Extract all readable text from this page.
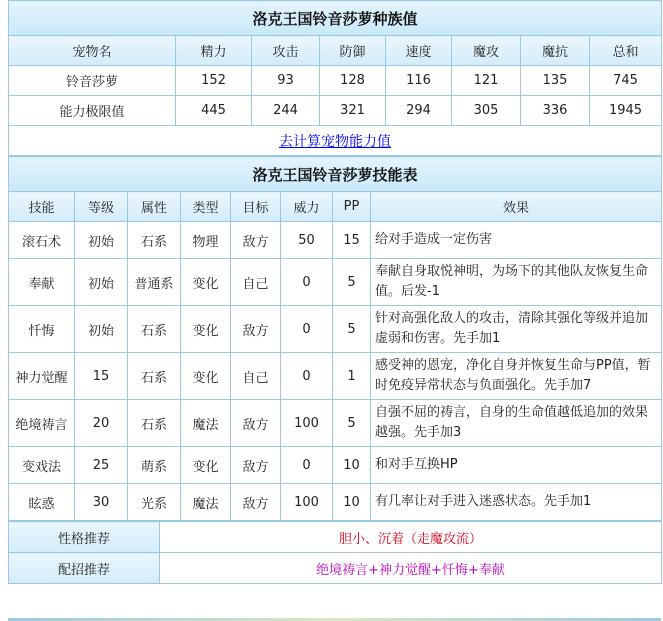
洛克王国铃音莎萝种族值							
宠物名	精力	攻击	防御	速度	魔攻	魔抗	总和
铃音莎萝	152	93	128	116	121	135	745
能力极限值	445	244	321	294	305	336	1945
去计算宠物能力值							
洛克王国铃音莎萝技能表							
技能	等级	属性	类型	目标	威力	PP	效果
滚石术	初始	石系	物理	敌方	50	15	给对手造成一定伤害
奉献	初始	普通系	变化	自己	0	5	奉献自身取悦神明，为场下的其他队友恢复生命值。后发-1
忏悔	初始	石系	变化	敌方	0	5	针对高强化敌人的攻击，清除其强化等级并追加虚弱和伤害。先手加1
神力觉醒	15	石系	变化	自己	0	1	感受神的恩宠，净化自身并恢复生命与PP值，暂时免疫异常状态与负面强化。先手加7
绝境祷言	20	石系	魔法	敌方	100	5	自强不屈的祷言，自身的生命值越低追加的效果越强。先手加3
变戏法	25	萌系	变化	敌方	0	10	和对手互换HP
眩惑	30	光系	魔法	敌方	100	10	有几率让对手进入迷惑状态。先手加1
性格推荐	胆小、沉着（走魔攻流）
配招推荐	绝境祷言+神力觉醒+忏悔+奉献
